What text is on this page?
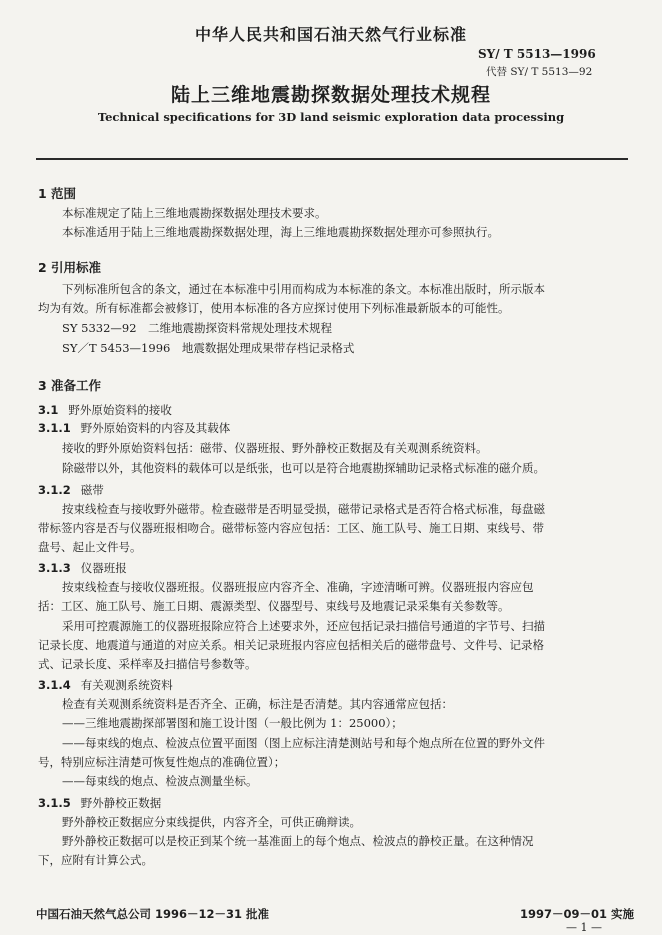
中华人民共和国石油天然气行业标准
SY/ T 5513—1996
代替 SY/ T 5513—92
陆上三维地震勘探数据处理技术规程
Technical specifications for 3D land seismic exploration data processing
1 范围
本标准规定了陆上三维地震勘探数据处理技术要求。
本标准适用于陆上三维地震勘探数据处理，海上三维地震勘探数据处理亦可参照执行。
2 引用标准
下列标准所包含的条文，通过在本标准中引用而构成为本标准的条文。本标准出版时，所示版本
均为有效。所有标准都会被修订，使用本标准的各方应探讨使用下列标准最新版本的可能性。
SY 5332—92　二维地震勘探资料常规处理技术规程
SY／T 5453—1996　地震数据处理成果带存档记录格式
3 准备工作
3.1 野外原始资料的接收
3.1.1 野外原始资料的内容及其载体
接收的野外原始资料包括：磁带、仪器班报、野外静校正数据及有关观测系统资料。
除磁带以外，其他资料的载体可以是纸张，也可以是符合地震勘探辅助记录格式标准的磁介质。
3.1.2 磁带
按束线检查与接收野外磁带。检查磁带是否明显受损，磁带记录格式是否符合格式标准，每盘磁
带标签内容是否与仪器班报相吻合。磁带标签内容应包括：工区、施工队号、施工日期、束线号、带
盘号、起止文件号。
3.1.3 仪器班报
按束线检查与接收仪器班报。仪器班报应内容齐全、准确，字迹清晰可辨。仪器班报内容应包
括：工区、施工队号、施工日期、震源类型、仪器型号、束线号及地震记录采集有关参数等。
采用可控震源施工的仪器班报除应符合上述要求外，还应包括记录扫描信号通道的字节号、扫描
记录长度、地震道与通道的对应关系。相关记录班报内容应包括相关后的磁带盘号、文件号、记录格
式、记录长度、采样率及扫描信号参数等。
3.1.4 有关观测系统资料
检查有关观测系统资料是否齐全、正确，标注是否清楚。其内容通常应包括：
——三维地震勘探部署图和施工设计图（一般比例为 1：25000）；
——每束线的炮点、检波点位置平面图（图上应标注清楚测站号和每个炮点所在位置的野外文件
号，特别应标注清楚可恢复性炮点的准确位置）；
——每束线的炮点、检波点测量坐标。
3.1.5 野外静校正数据
野外静校正数据应分束线提供，内容齐全，可供正确辩读。
野外静校正数据可以是校正到某个统一基准面上的每个炮点、检波点的静校正量。在这种情况
下，应附有计算公式。
中国石油天然气总公司 1996－12－31 批准	1997－09－01 实施
— 1 —
